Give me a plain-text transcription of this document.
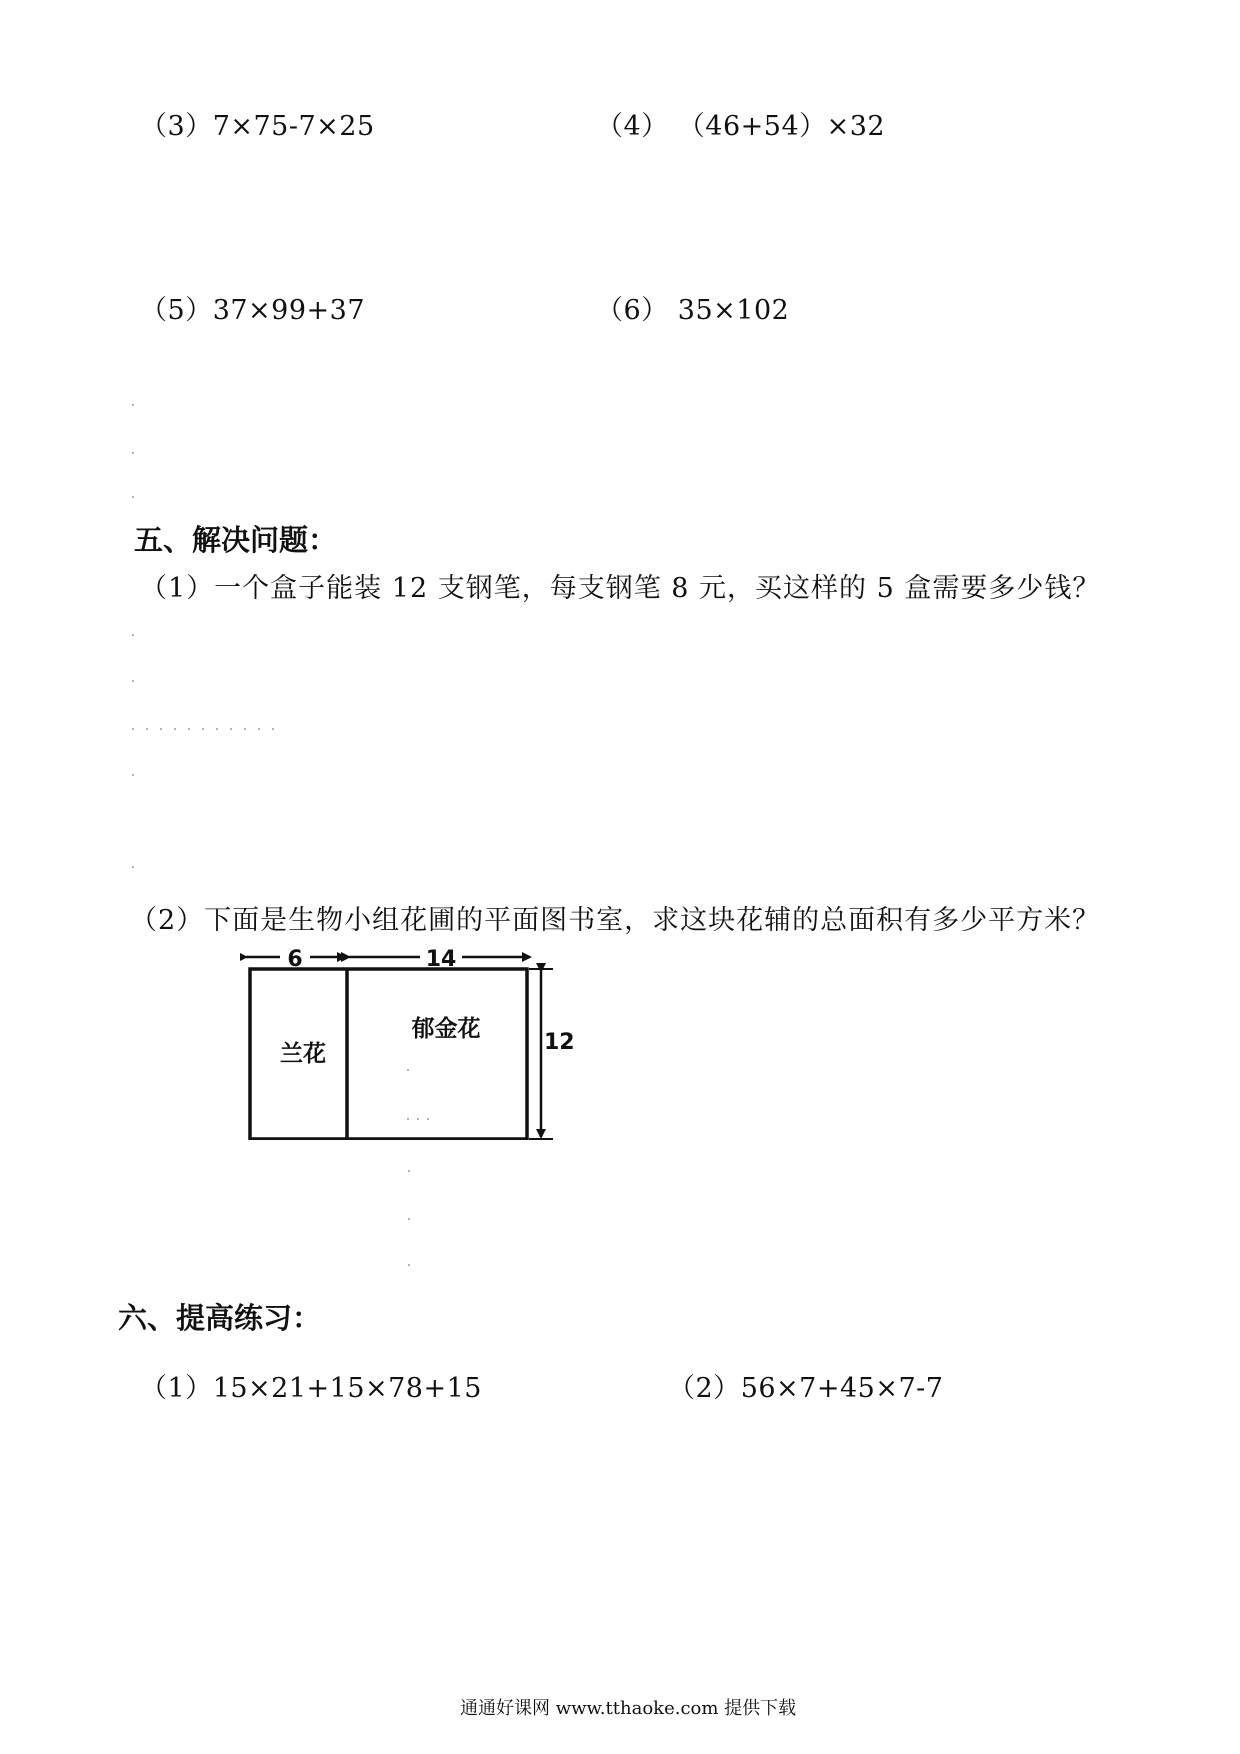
（3）7×75-7×25	（4） （46+54）×32
（5）37×99+37	（6） 35×102
五、解决问题：
（1）一个盒子能装 12 支钢笔，每支钢笔 8 元，买这样的 5 盒需要多少钱？
（2）下面是生物小组花圃的平面图书室，求这块花辅的总面积有多少平方米？
6	14
兰花
郁金花
12
六、提高练习：
（1）15×21+15×78+15	（2）56×7+45×7-7
通通好课网 www.tthaoke.com 提供下载
